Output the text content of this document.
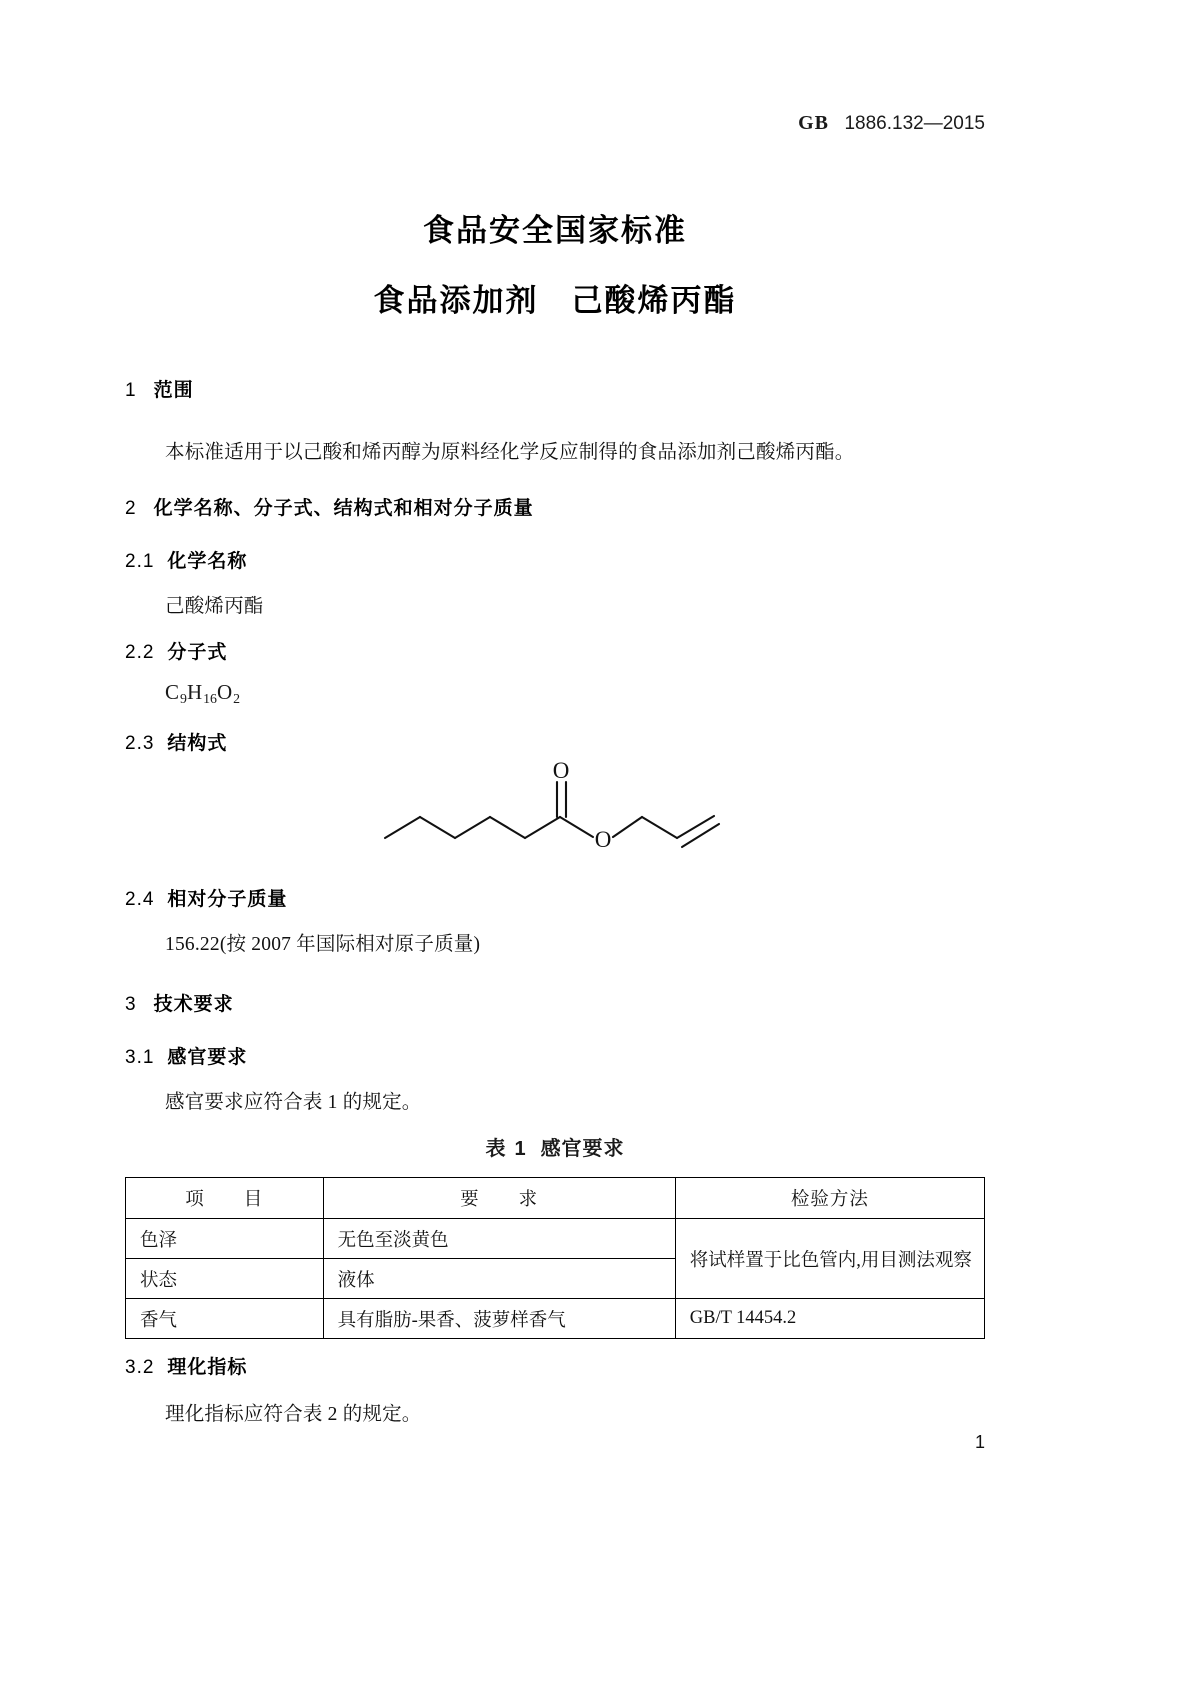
GB 1886.132—2015
食品安全国家标准
食品添加剂　己酸烯丙酯
1 范围
本标准适用于以己酸和烯丙醇为原料经化学反应制得的食品添加剂己酸烯丙酯。
2 化学名称、分子式、结构式和相对分子质量
2.1 化学名称
己酸烯丙酯
2.2 分子式
$C_9H_{16}O_2$
2.3 结构式
O
O
2.4 相对分子质量
156.22(按 2007 年国际相对原子质量)
3 技术要求
3.1 感官要求
感官要求应符合表 1 的规定。
表 1 感官要求
项　　目	要　　求	检验方法
色泽	无色至淡黄色	将试样置于比色管内,用目测法观察
状态	液体	
香气	具有脂肪-果香、菠萝样香气	GB/T 14454.2
3.2 理化指标
理化指标应符合表 2 的规定。
1
